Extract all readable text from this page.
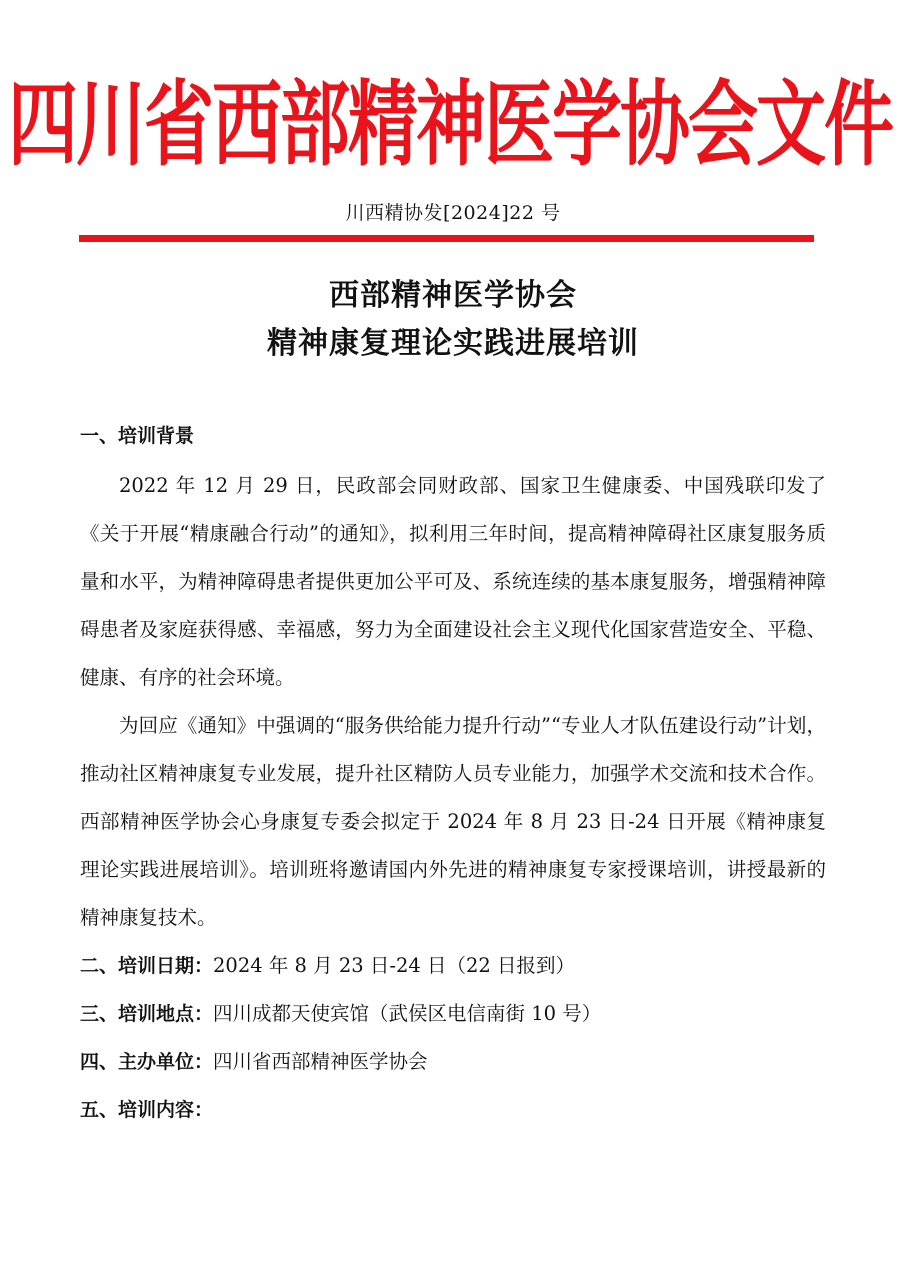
四川省西部精神医学协会文件
川西精协发[2024]22 号
西部精神医学协会
精神康复理论实践进展培训
一、培训背景
2022 年 12 月 29 日，民政部会同财政部、国家卫生健康委、中国残联印发了《关于开展“精康融合行动”的通知》，拟利用三年时间，提高精神障碍社区康复服务质量和水平，为精神障碍患者提供更加公平可及、系统连续的基本康复服务，增强精神障碍患者及家庭获得感、幸福感，努力为全面建设社会主义现代化国家营造安全、平稳、健康、有序的社会环境。
为回应《通知》中强调的“服务供给能力提升行动”“专业人才队伍建设行动”计划，推动社区精神康复专业发展，提升社区精防人员专业能力，加强学术交流和技术合作。西部精神医学协会心身康复专委会拟定于 2024 年 8 月 23 日-24 日开展《精神康复理论实践进展培训》。培训班将邀请国内外先进的精神康复专家授课培训，讲授最新的精神康复技术。
二、培训日期：2024 年 8 月 23 日-24 日（22 日报到）
三、培训地点：四川成都天使宾馆（武侯区电信南街 10 号）
四、主办单位：四川省西部精神医学协会
五、培训内容：
